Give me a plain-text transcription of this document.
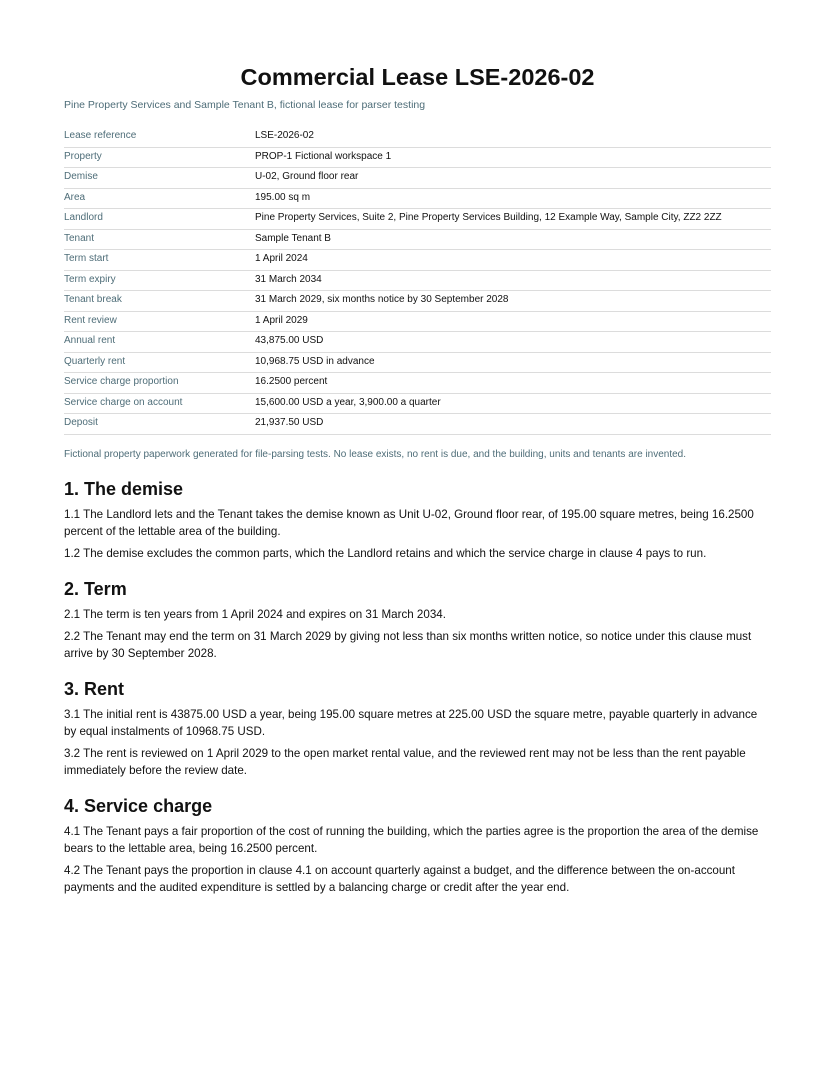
Commercial Lease LSE-2026-02

Pine Property Services and Sample Tenant B, fictional lease for parser testing

Lease reference	LSE-2026-02
Property	PROP-1 Fictional workspace 1
Demise	U-02, Ground floor rear
Area	195.00 sq m
Landlord	Pine Property Services, Suite 2, Pine Property Services Building, 12 Example Way, Sample City, ZZ2 2ZZ
Tenant	Sample Tenant B
Term start	1 April 2024
Term expiry	31 March 2034
Tenant break	31 March 2029, six months notice by 30 September 2028
Rent review	1 April 2029
Annual rent	43,875.00 USD
Quarterly rent	10,968.75 USD in advance
Service charge proportion	16.2500 percent
Service charge on account	15,600.00 USD a year, 3,900.00 a quarter
Deposit	21,937.50 USD

Fictional property paperwork generated for file-parsing tests. No lease exists, no rent is due, and the building, units and tenants are invented.

1. The demise

1.1 The Landlord lets and the Tenant takes the demise known as Unit U-02, Ground floor rear, of 195.00 square metres, being 16.2500 percent of the lettable area of the building.

1.2 The demise excludes the common parts, which the Landlord retains and which the service charge in clause 4 pays to run.

2. Term

2.1 The term is ten years from 1 April 2024 and expires on 31 March 2034.

2.2 The Tenant may end the term on 31 March 2029 by giving not less than six months written notice, so notice under this clause must arrive by 30 September 2028.

3. Rent

3.1 The initial rent is 43875.00 USD a year, being 195.00 square metres at 225.00 USD the square metre, payable quarterly in advance by equal instalments of 10968.75 USD.

3.2 The rent is reviewed on 1 April 2029 to the open market rental value, and the reviewed rent may not be less than the rent payable immediately before the review date.

4. Service charge

4.1 The Tenant pays a fair proportion of the cost of running the building, which the parties agree is the proportion the area of the demise bears to the lettable area, being 16.2500 percent.

4.2 The Tenant pays the proportion in clause 4.1 on account quarterly against a budget, and the difference between the on-account payments and the audited expenditure is settled by a balancing charge or credit after the year end.
